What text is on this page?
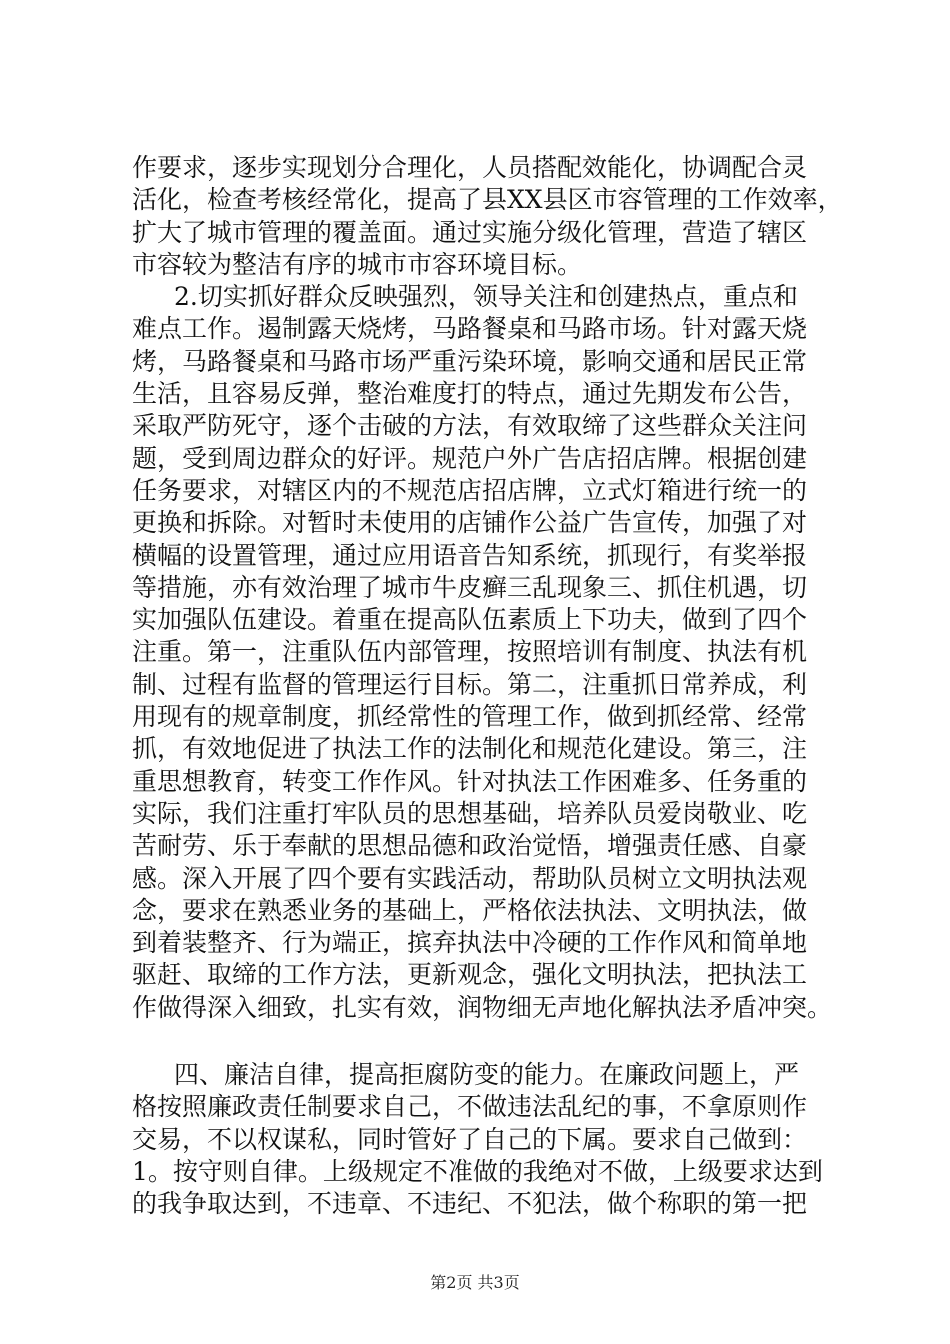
作要求，逐步实现划分合理化，人员搭配效能化，协调配合灵
活化，检查考核经常化，提高了县XX县区市容管理的工作效率，
扩大了城市管理的覆盖面。通过实施分级化管理，营造了辖区
市容较为整洁有序的城市市容环境目标。
2.切实抓好群众反映强烈，领导关注和创建热点，重点和
难点工作。遏制露天烧烤，马路餐桌和马路市场。针对露天烧
烤，马路餐桌和马路市场严重污染环境，影响交通和居民正常
生活，且容易反弹，整治难度打的特点，通过先期发布公告，
采取严防死守，逐个击破的方法，有效取缔了这些群众关注问
题，受到周边群众的好评。规范户外广告店招店牌。根据创建
任务要求，对辖区内的不规范店招店牌，立式灯箱进行统一的
更换和拆除。对暂时未使用的店铺作公益广告宣传，加强了对
横幅的设置管理，通过应用语音告知系统，抓现行，有奖举报
等措施，亦有效治理了城市牛皮癣三乱现象三、抓住机遇，切
实加强队伍建设。着重在提高队伍素质上下功夫，做到了四个
注重。第一，注重队伍内部管理，按照培训有制度、执法有机
制、过程有监督的管理运行目标。第二，注重抓日常养成，利
用现有的规章制度，抓经常性的管理工作，做到抓经常、经常
抓，有效地促进了执法工作的法制化和规范化建设。第三，注
重思想教育，转变工作作风。针对执法工作困难多、任务重的
实际，我们注重打牢队员的思想基础，培养队员爱岗敬业、吃
苦耐劳、乐于奉献的思想品德和政治觉悟，增强责任感、自豪
感。深入开展了四个要有实践活动，帮助队员树立文明执法观
念，要求在熟悉业务的基础上，严格依法执法、文明执法，做
到着装整齐、行为端正，摈弃执法中冷硬的工作作风和简单地
驱赶、取缔的工作方法，更新观念，强化文明执法，把执法工
作做得深入细致，扎实有效，润物细无声地化解执法矛盾冲突。
四、廉洁自律，提高拒腐防变的能力。在廉政问题上，严
格按照廉政责任制要求自己，不做违法乱纪的事，不拿原则作
交易，不以权谋私，同时管好了自己的下属。要求自己做到：
1。按守则自律。上级规定不准做的我绝对不做，上级要求达到
的我争取达到，不违章、不违纪、不犯法，做个称职的第一把
第2页 共3页
